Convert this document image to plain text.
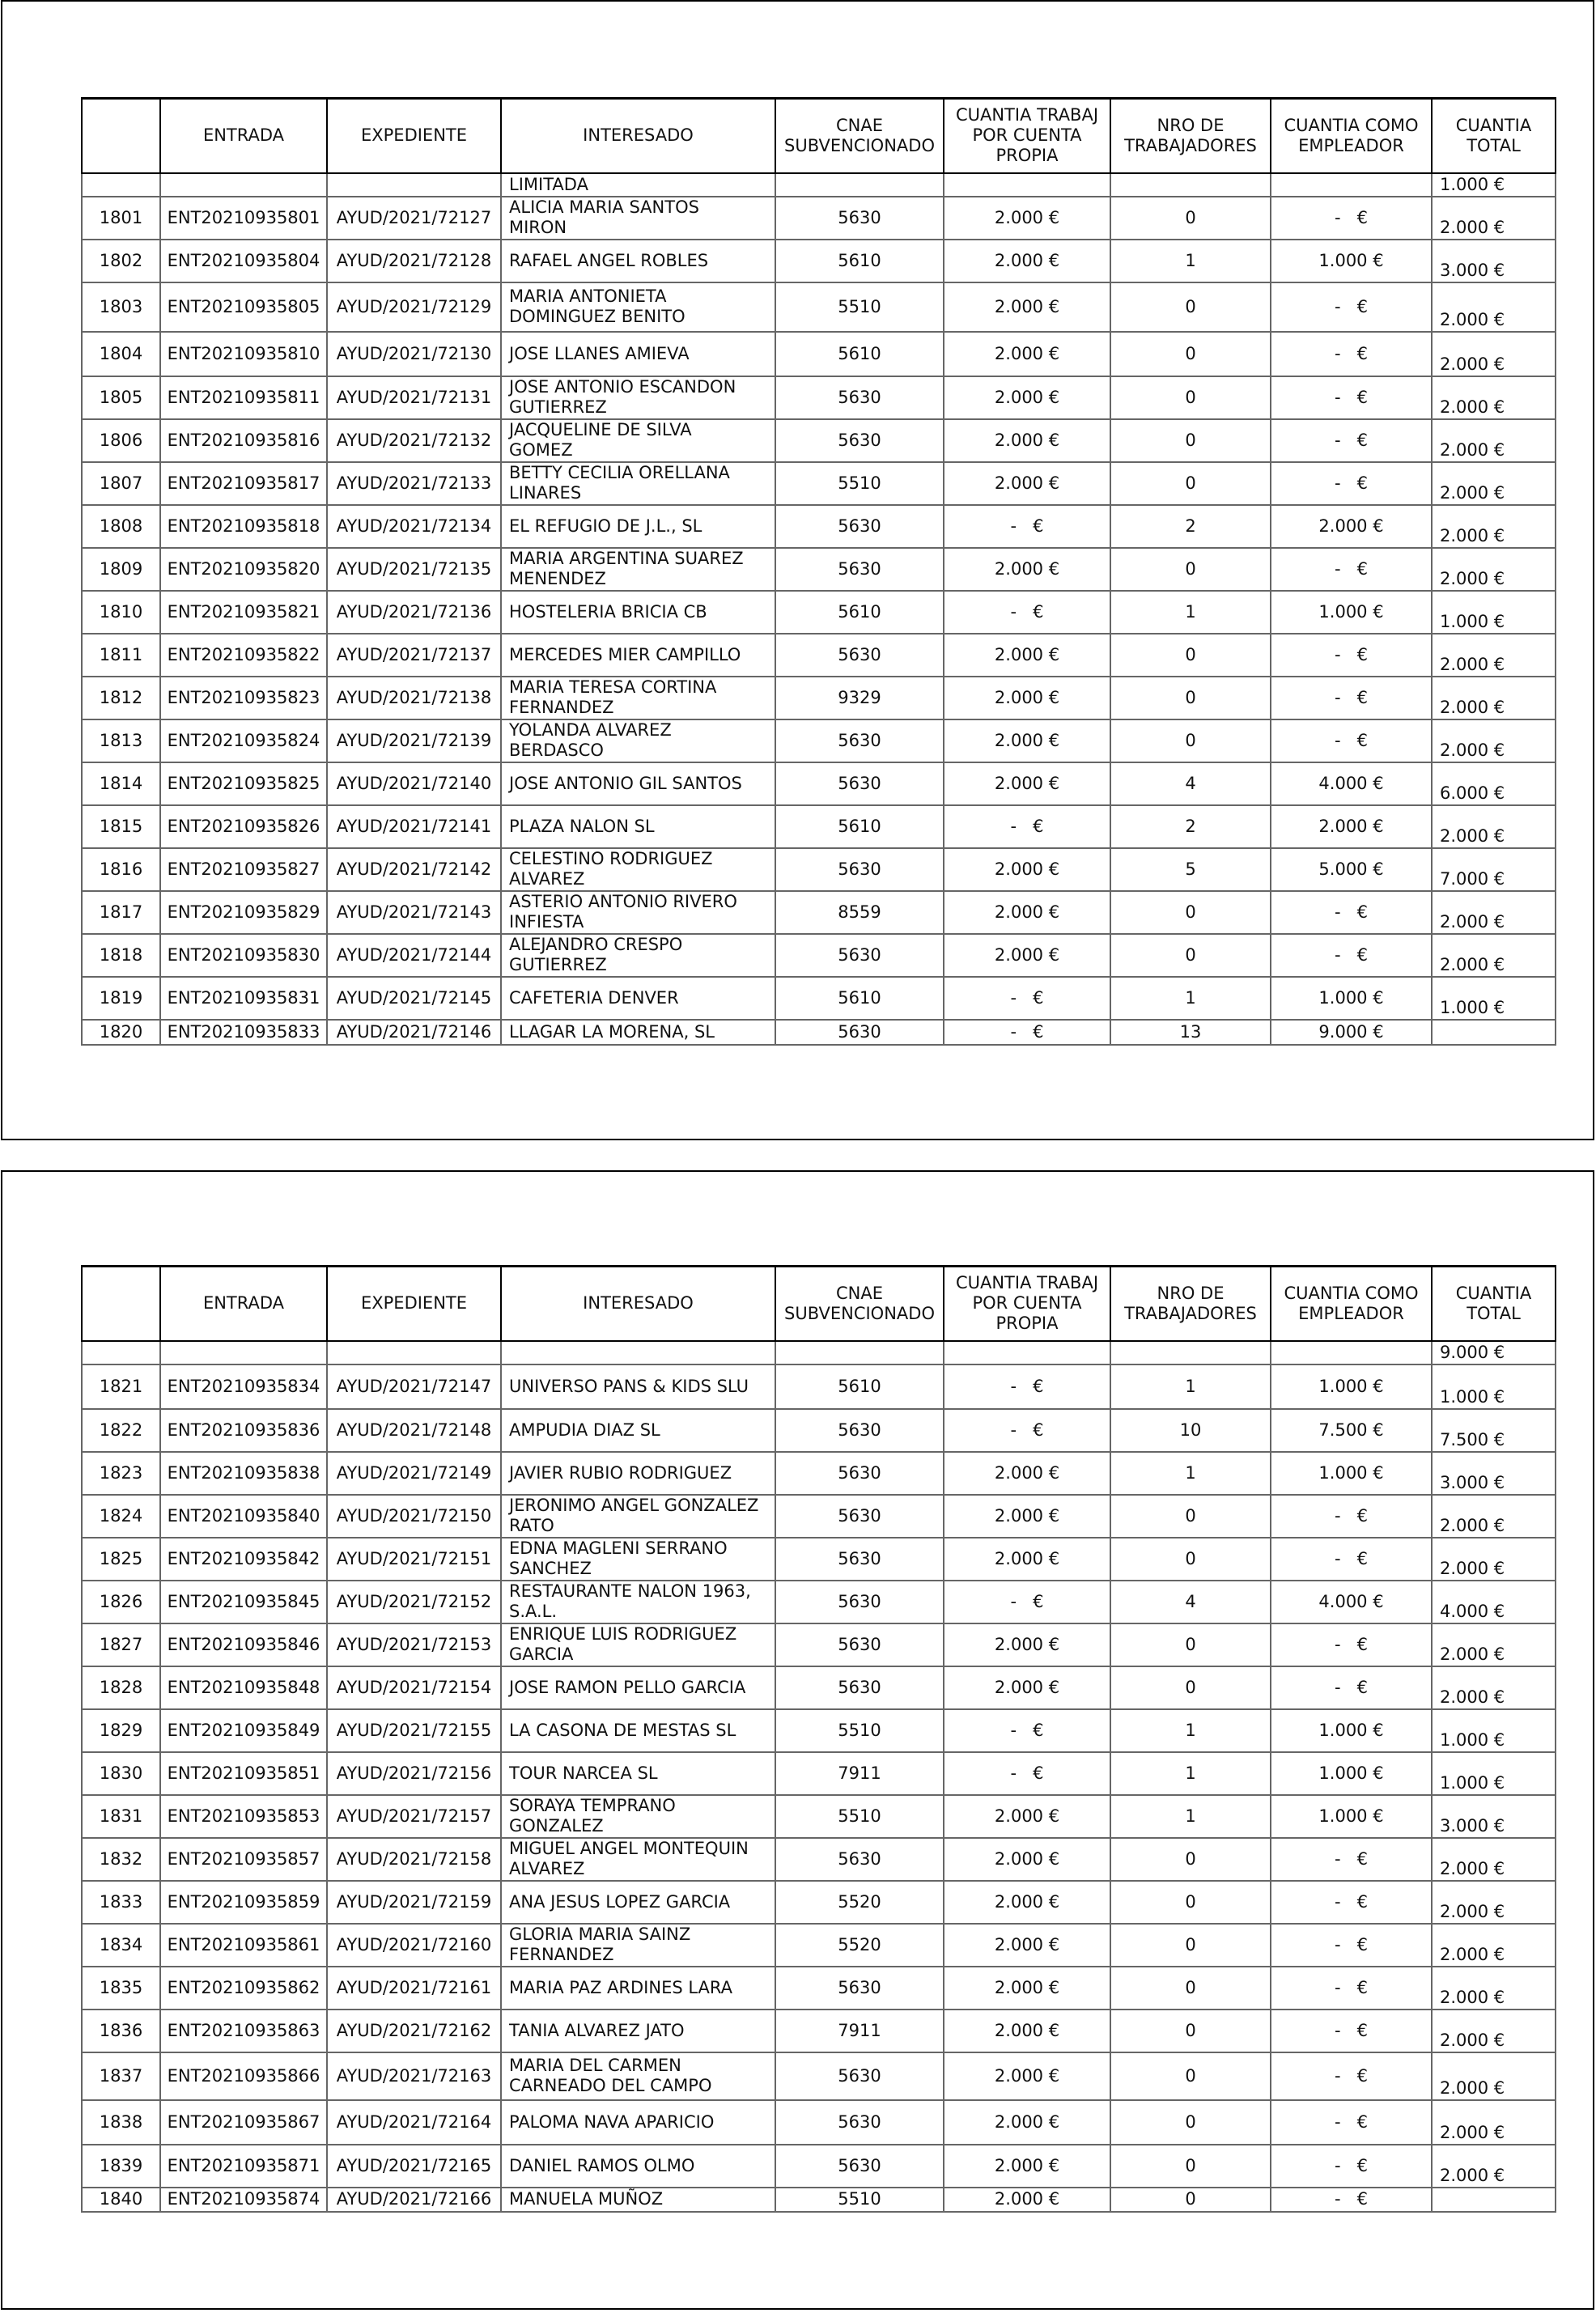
	ENTRADA	EXPEDIENTE	INTERESADO	CNAE
SUBVENCIONADO	CUANTIA TRABAJ
POR CUENTA
PROPIA	NRO DE
TRABAJADORES	CUANTIA COMO
EMPLEADOR	CUANTIA
TOTAL
			LIMITADA					1.000 €
1801	ENT20210935801	AYUD/2021/72127	ALICIA MARIA SANTOS
MIRON	5630	2.000 €	0	-   €	2.000 €
1802	ENT20210935804	AYUD/2021/72128	RAFAEL ANGEL ROBLES	5610	2.000 €	1	1.000 €	3.000 €
1803	ENT20210935805	AYUD/2021/72129	MARIA ANTONIETA
DOMINGUEZ BENITO	5510	2.000 €	0	-   €	2.000 €
1804	ENT20210935810	AYUD/2021/72130	JOSE LLANES AMIEVA	5610	2.000 €	0	-   €	2.000 €
1805	ENT20210935811	AYUD/2021/72131	JOSE ANTONIO ESCANDON
GUTIERREZ	5630	2.000 €	0	-   €	2.000 €
1806	ENT20210935816	AYUD/2021/72132	JACQUELINE DE SILVA
GOMEZ	5630	2.000 €	0	-   €	2.000 €
1807	ENT20210935817	AYUD/2021/72133	BETTY CECILIA ORELLANA
LINARES	5510	2.000 €	0	-   €	2.000 €
1808	ENT20210935818	AYUD/2021/72134	EL REFUGIO DE J.L., SL	5630	-   €	2	2.000 €	2.000 €
1809	ENT20210935820	AYUD/2021/72135	MARIA ARGENTINA SUAREZ
MENENDEZ	5630	2.000 €	0	-   €	2.000 €
1810	ENT20210935821	AYUD/2021/72136	HOSTELERIA BRICIA CB	5610	-   €	1	1.000 €	1.000 €
1811	ENT20210935822	AYUD/2021/72137	MERCEDES MIER CAMPILLO	5630	2.000 €	0	-   €	2.000 €
1812	ENT20210935823	AYUD/2021/72138	MARIA TERESA CORTINA
FERNANDEZ	9329	2.000 €	0	-   €	2.000 €
1813	ENT20210935824	AYUD/2021/72139	YOLANDA ALVAREZ
BERDASCO	5630	2.000 €	0	-   €	2.000 €
1814	ENT20210935825	AYUD/2021/72140	JOSE ANTONIO GIL SANTOS	5630	2.000 €	4	4.000 €	6.000 €
1815	ENT20210935826	AYUD/2021/72141	PLAZA NALON SL	5610	-   €	2	2.000 €	2.000 €
1816	ENT20210935827	AYUD/2021/72142	CELESTINO RODRIGUEZ
ALVAREZ	5630	2.000 €	5	5.000 €	7.000 €
1817	ENT20210935829	AYUD/2021/72143	ASTERIO ANTONIO RIVERO
INFIESTA	8559	2.000 €	0	-   €	2.000 €
1818	ENT20210935830	AYUD/2021/72144	ALEJANDRO CRESPO
GUTIERREZ	5630	2.000 €	0	-   €	2.000 €
1819	ENT20210935831	AYUD/2021/72145	CAFETERIA DENVER	5610	-   €	1	1.000 €	1.000 €
1820	ENT20210935833	AYUD/2021/72146	LLAGAR LA MORENA, SL	5630	-   €	13	9.000 €	
	ENTRADA	EXPEDIENTE	INTERESADO	CNAE
SUBVENCIONADO	CUANTIA TRABAJ
POR CUENTA
PROPIA	NRO DE
TRABAJADORES	CUANTIA COMO
EMPLEADOR	CUANTIA
TOTAL
								9.000 €
1821	ENT20210935834	AYUD/2021/72147	UNIVERSO PANS & KIDS SLU	5610	-   €	1	1.000 €	1.000 €
1822	ENT20210935836	AYUD/2021/72148	AMPUDIA DIAZ SL	5630	-   €	10	7.500 €	7.500 €
1823	ENT20210935838	AYUD/2021/72149	JAVIER RUBIO RODRIGUEZ	5630	2.000 €	1	1.000 €	3.000 €
1824	ENT20210935840	AYUD/2021/72150	JERONIMO ANGEL GONZALEZ
RATO	5630	2.000 €	0	-   €	2.000 €
1825	ENT20210935842	AYUD/2021/72151	EDNA MAGLENI SERRANO
SANCHEZ	5630	2.000 €	0	-   €	2.000 €
1826	ENT20210935845	AYUD/2021/72152	RESTAURANTE NALON 1963,
S.A.L.	5630	-   €	4	4.000 €	4.000 €
1827	ENT20210935846	AYUD/2021/72153	ENRIQUE LUIS RODRIGUEZ
GARCIA	5630	2.000 €	0	-   €	2.000 €
1828	ENT20210935848	AYUD/2021/72154	JOSE RAMON PELLO GARCIA	5630	2.000 €	0	-   €	2.000 €
1829	ENT20210935849	AYUD/2021/72155	LA CASONA DE MESTAS SL	5510	-   €	1	1.000 €	1.000 €
1830	ENT20210935851	AYUD/2021/72156	TOUR NARCEA SL	7911	-   €	1	1.000 €	1.000 €
1831	ENT20210935853	AYUD/2021/72157	SORAYA TEMPRANO
GONZALEZ	5510	2.000 €	1	1.000 €	3.000 €
1832	ENT20210935857	AYUD/2021/72158	MIGUEL ANGEL MONTEQUIN
ALVAREZ	5630	2.000 €	0	-   €	2.000 €
1833	ENT20210935859	AYUD/2021/72159	ANA JESUS LOPEZ GARCIA	5520	2.000 €	0	-   €	2.000 €
1834	ENT20210935861	AYUD/2021/72160	GLORIA MARIA SAINZ
FERNANDEZ	5520	2.000 €	0	-   €	2.000 €
1835	ENT20210935862	AYUD/2021/72161	MARIA PAZ ARDINES LARA	5630	2.000 €	0	-   €	2.000 €
1836	ENT20210935863	AYUD/2021/72162	TANIA ALVAREZ JATO	7911	2.000 €	0	-   €	2.000 €
1837	ENT20210935866	AYUD/2021/72163	MARIA DEL CARMEN
CARNEADO DEL CAMPO	5630	2.000 €	0	-   €	2.000 €
1838	ENT20210935867	AYUD/2021/72164	PALOMA NAVA APARICIO	5630	2.000 €	0	-   €	2.000 €
1839	ENT20210935871	AYUD/2021/72165	DANIEL RAMOS OLMO	5630	2.000 €	0	-   €	2.000 €
1840	ENT20210935874	AYUD/2021/72166	MANUELA MUÑOZ	5510	2.000 €	0	-   €	
